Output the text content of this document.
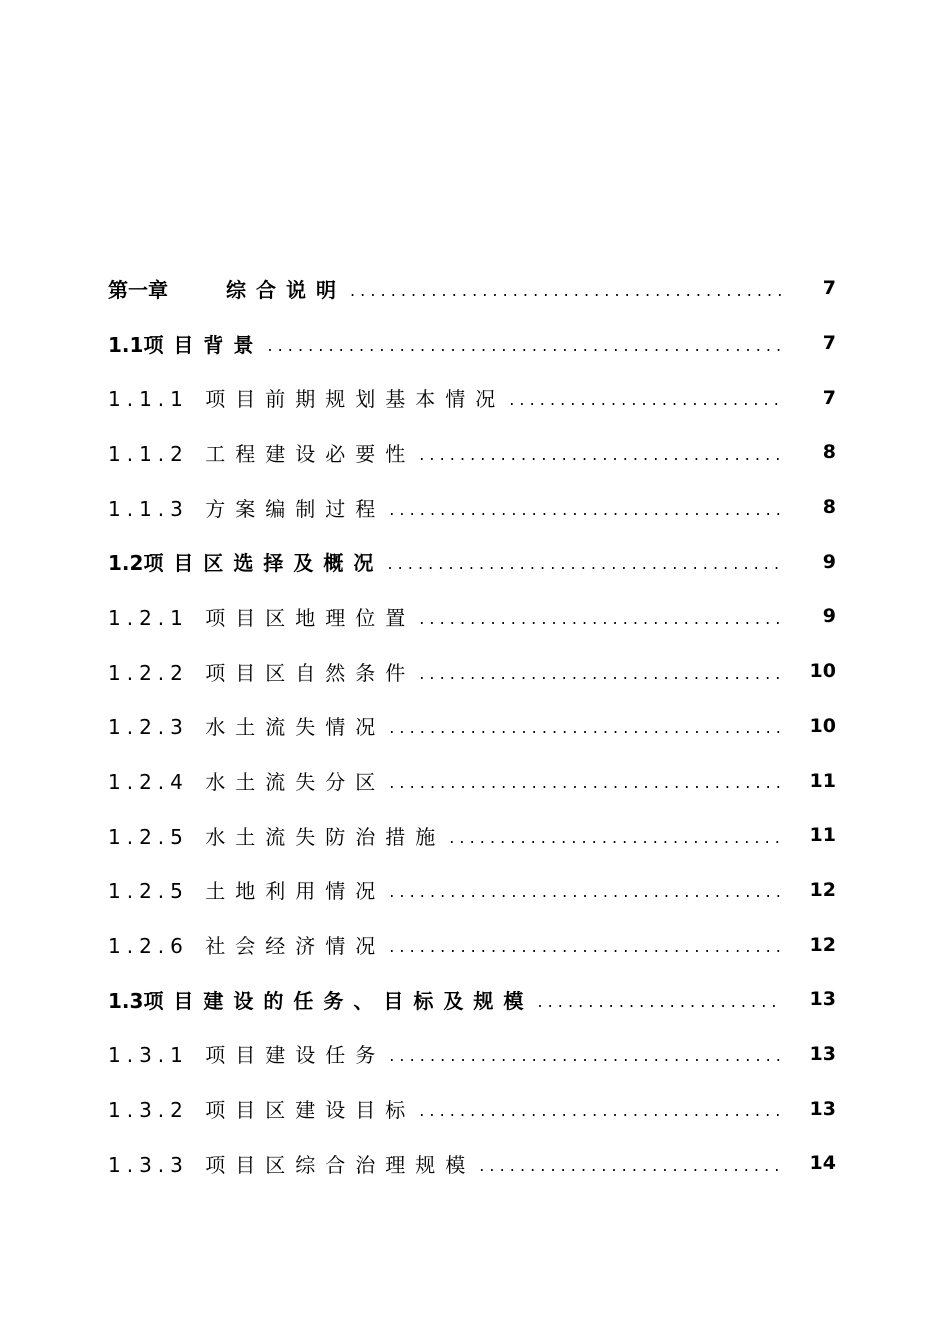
第一章	综合说明 . . .	7
1.1项目背景 . . .	7
1.1.1 项目前期规划基本情况 . . .	7
1.1.2 工程建设必要性 . . .	8
1.1.3 方案编制过程 . . .	8
1.2项目区选择及概况 . . .	9
1.2.1 项目区地理位置 . . .	9
1.2.2 项目区自然条件 . . .	10
1.2.3 水土流失情况 . . .	10
1.2.4 水土流失分区 . . .	11
1.2.5 水土流失防治措施 . . .	11
1.2.5 土地利用情况 . . .	12
1.2.6 社会经济情况 . . .	12
1.3项目建设的任务、目标及规模 . . .	13
1.3.1 项目建设任务 . . .	13
1.3.2 项目区建设目标 . . .	13
1.3.3 项目区综合治理规模 . . .	14
